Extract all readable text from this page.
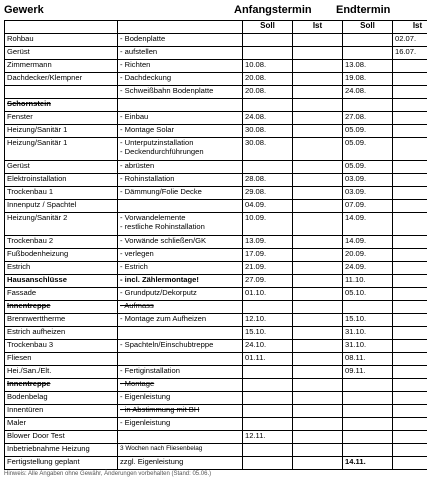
Gewerk	Anfangstermin Endtermin
		Soll	Ist	Soll	Ist
Rohbau	- Bodenplatte				02.07.
Gerüst	- aufstellen				16.07.
Zimmermann	- Richten	10.08.		13.08.	
Dachdecker/Klempner	- Dachdeckung	20.08.		19.08.	

	- Schweißbahn Bodenplatte	20.08.		24.08.	
Schornstein	

Fenster	- Einbau	24.08.		27.08.	
Heizung/Sanitär 1	- Montage Solar	30.08.		05.09.	
Heizung/Sanitär 1	- Unterputzinstallation
- Deckendurchführungen	30.08.		05.09.	
Gerüst	- abrüsten			05.09.	
Elektroinstallation	- Rohinstallation	28.08.		03.09.	
Trockenbau 1	- Dämmung/Folie Decke	29.08.		03.09.	
Innenputz / Spachtel		04.09.		07.09.	
Heizung/Sanitär 2	- Vorwandelemente
- restliche Rohinstallation	10.09.		14.09.	
Trockenbau 2	- Vorwände schließen/GK	13.09.		14.09.	
Fußbodenheizung	- verlegen	17.09.		20.09.	
Estrich	- Estrich	21.09.		24.09.	
Hausanschlüsse	- incl. Zählermontage!	27.09.		11.10.	
Fassade	- Grundputz/Dekorputz	01.10.		05.10.	
Innentreppe	- Aufmass				

Brennwerttherme	- Montage zum Aufheizen	12.10.		15.10.	
Estrich aufheizen		15.10.		31.10.	
Trockenbau 3	- Spachteln/Einschubtreppe	24.10.		31.10.	
Fliesen		01.11.		08.11.	
Hei./San./Elt.	- Fertiginstallation			09.11.	
Innentreppe	- Montage				

Bodenbelag	- Eigenleistung				

Innentüren	- in Abstimmung mit BH				

Maler	- Eigenleistung				

Blower Door Test		12.11.			
Inbetriebnahme Heizung	3 Wochen nach Fliesenbelag				

Fertigstellung geplant	zzgl. Eigenleistung			14.11.	
Hinweis: Alle Angaben ohne Gewähr, Änderungen vorbehalten (Stand: 05.06.)
